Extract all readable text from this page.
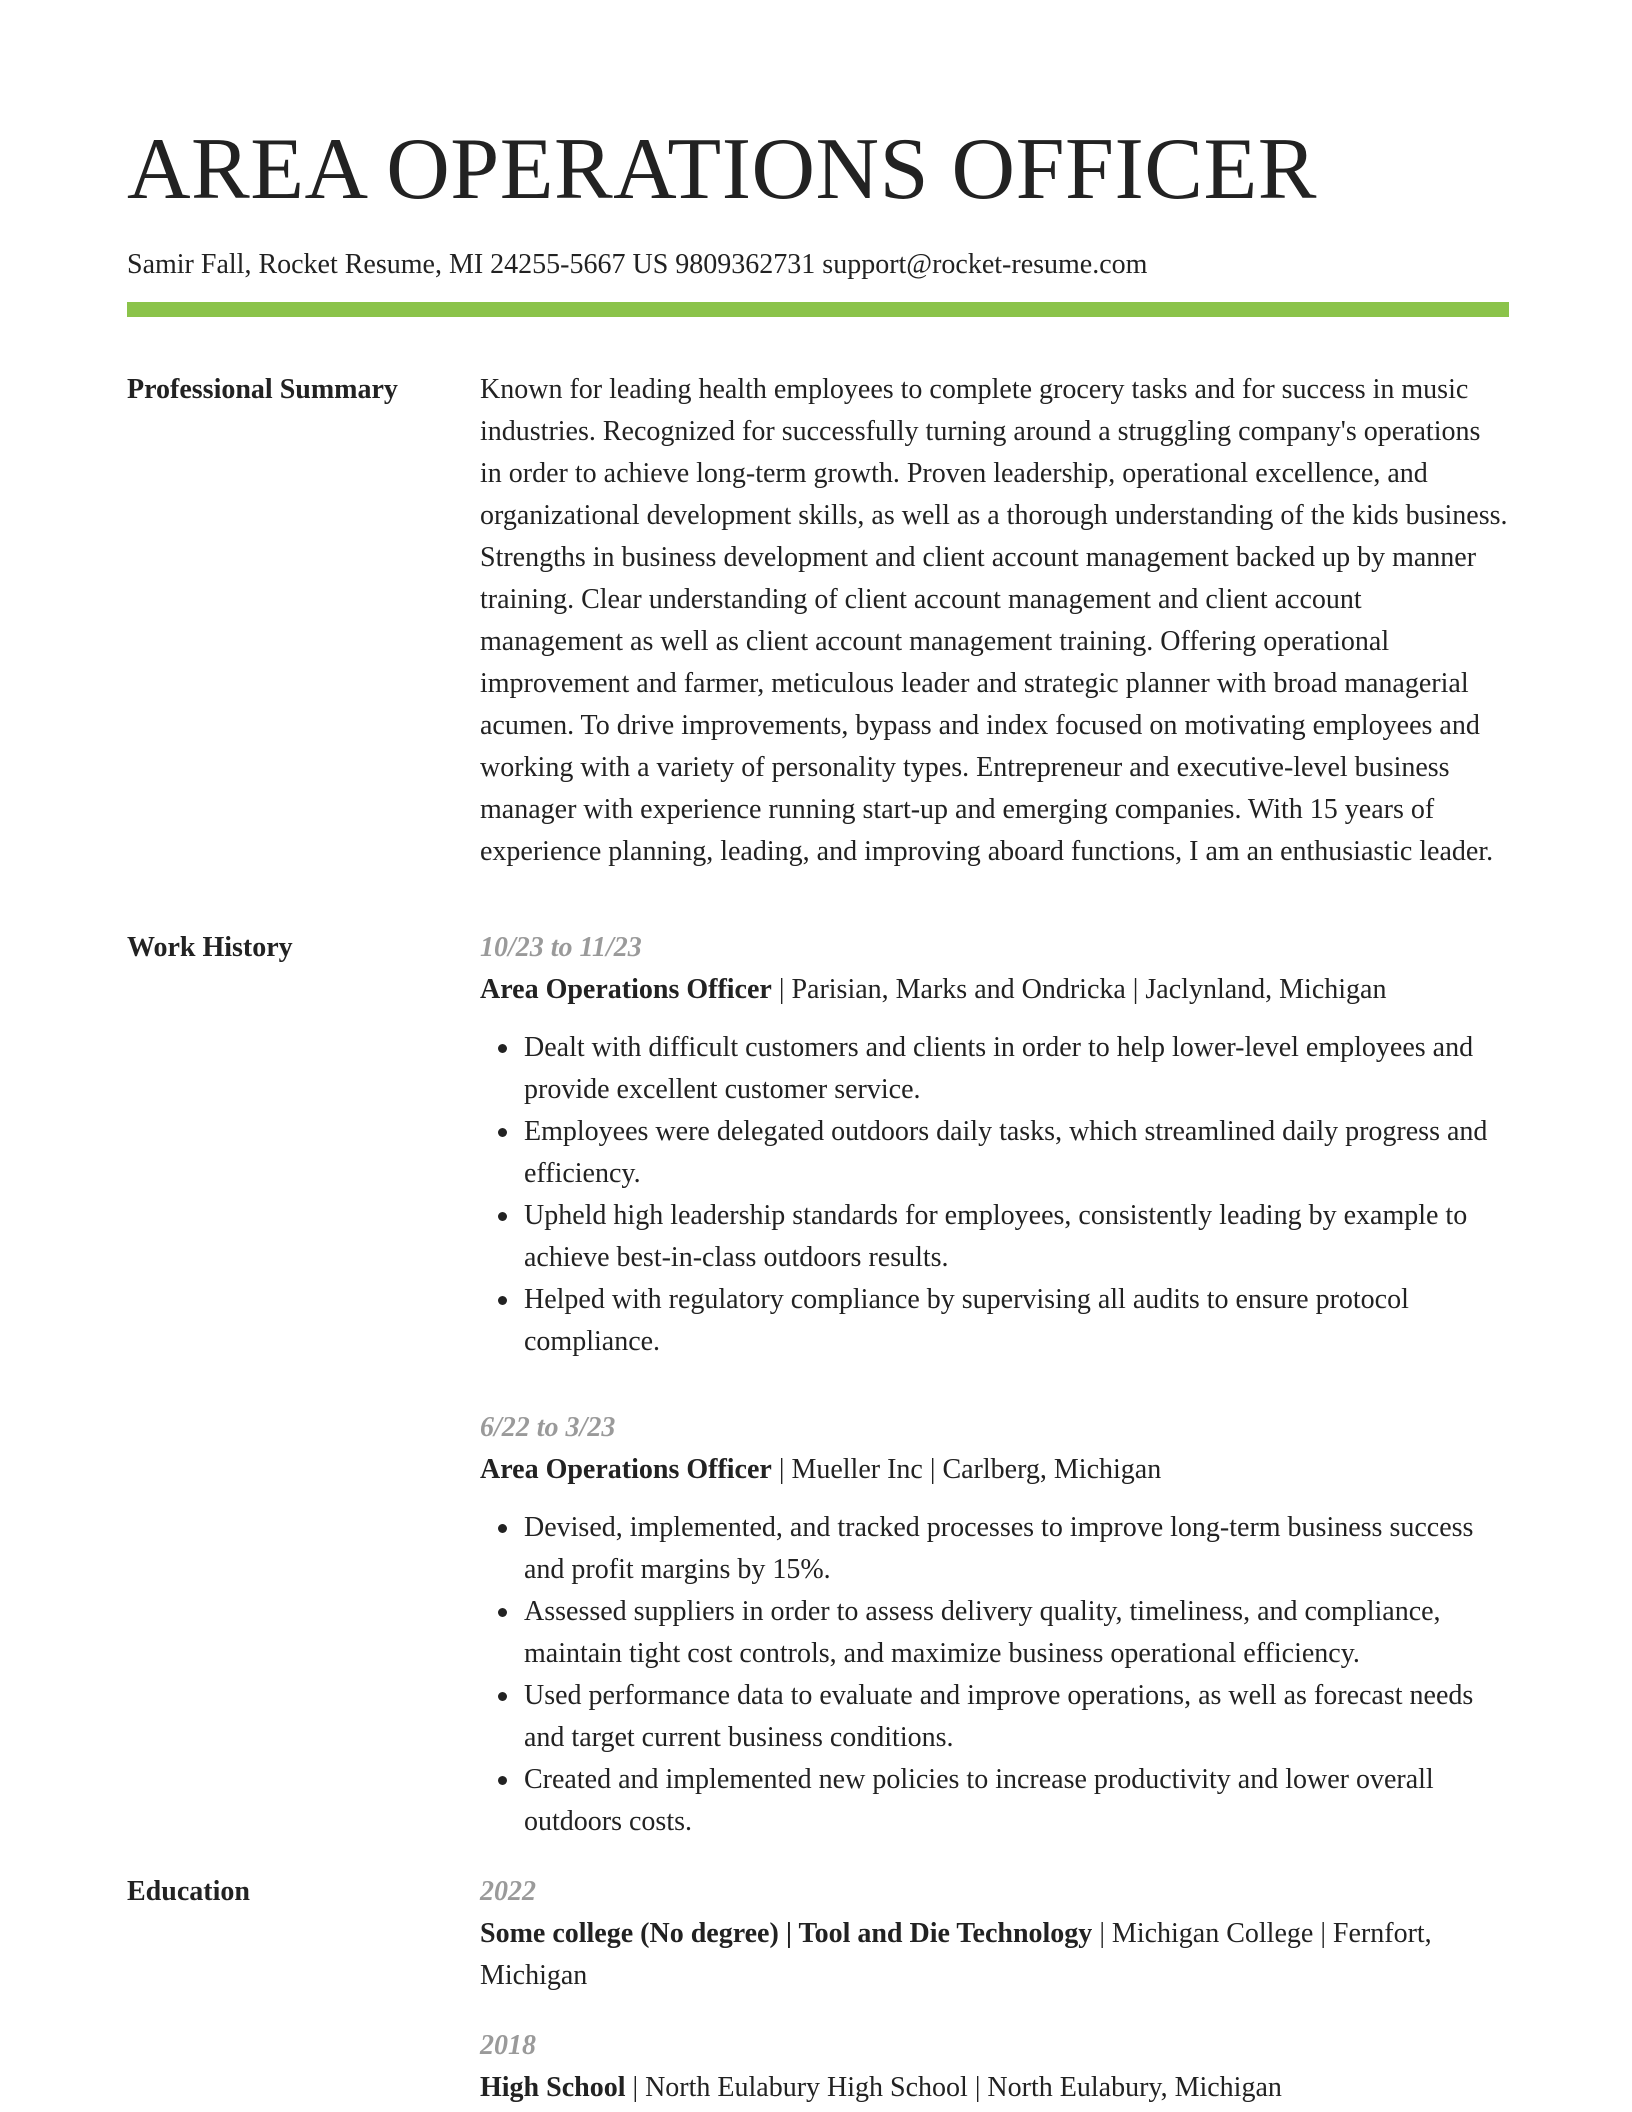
AREA OPERATIONS OFFICER
Samir Fall, Rocket Resume, MI 24255-5667 US 9809362731 support@rocket-resume.com
Professional Summary	Known for leading health employees to complete grocery tasks and for success in music industries. Recognized for successfully turning around a struggling company's operations in order to achieve long-term growth. Proven leadership, operational excellence, and organizational development skills, as well as a thorough understanding of the kids business. Strengths in business development and client account management backed up by manner training. Clear understanding of client account management and client account management as well as client account management training. Offering operational improvement and farmer, meticulous leader and strategic planner with broad managerial acumen. To drive improvements, bypass and index focused on motivating employees and working with a variety of personality types. Entrepreneur and executive-level business manager with experience running start-up and emerging companies. With 15 years of experience planning, leading, and improving aboard functions, I am an enthusiastic leader.
Work History	10/23 to 11/23
Area Operations Officer | Parisian, Marks and Ondricka | Jaclynland, Michigan
Dealt with difficult customers and clients in order to help lower-level employees and provide excellent customer service.
Employees were delegated outdoors daily tasks, which streamlined daily progress and efficiency.
Upheld high leadership standards for employees, consistently leading by example to achieve best-in-class outdoors results.
Helped with regulatory compliance by supervising all audits to ensure protocol compliance.
6/22 to 3/23
Area Operations Officer | Mueller Inc | Carlberg, Michigan
Devised, implemented, and tracked processes to improve long-term business success and profit margins by 15%.
Assessed suppliers in order to assess delivery quality, timeliness, and compliance, maintain tight cost controls, and maximize business operational efficiency.
Used performance data to evaluate and improve operations, as well as forecast needs and target current business conditions.
Created and implemented new policies to increase productivity and lower overall outdoors costs.
Education	2022
Some college (No degree) | Tool and Die Technology | Michigan College | Fernfort, Michigan
2018
High School | North Eulabury High School | North Eulabury, Michigan
